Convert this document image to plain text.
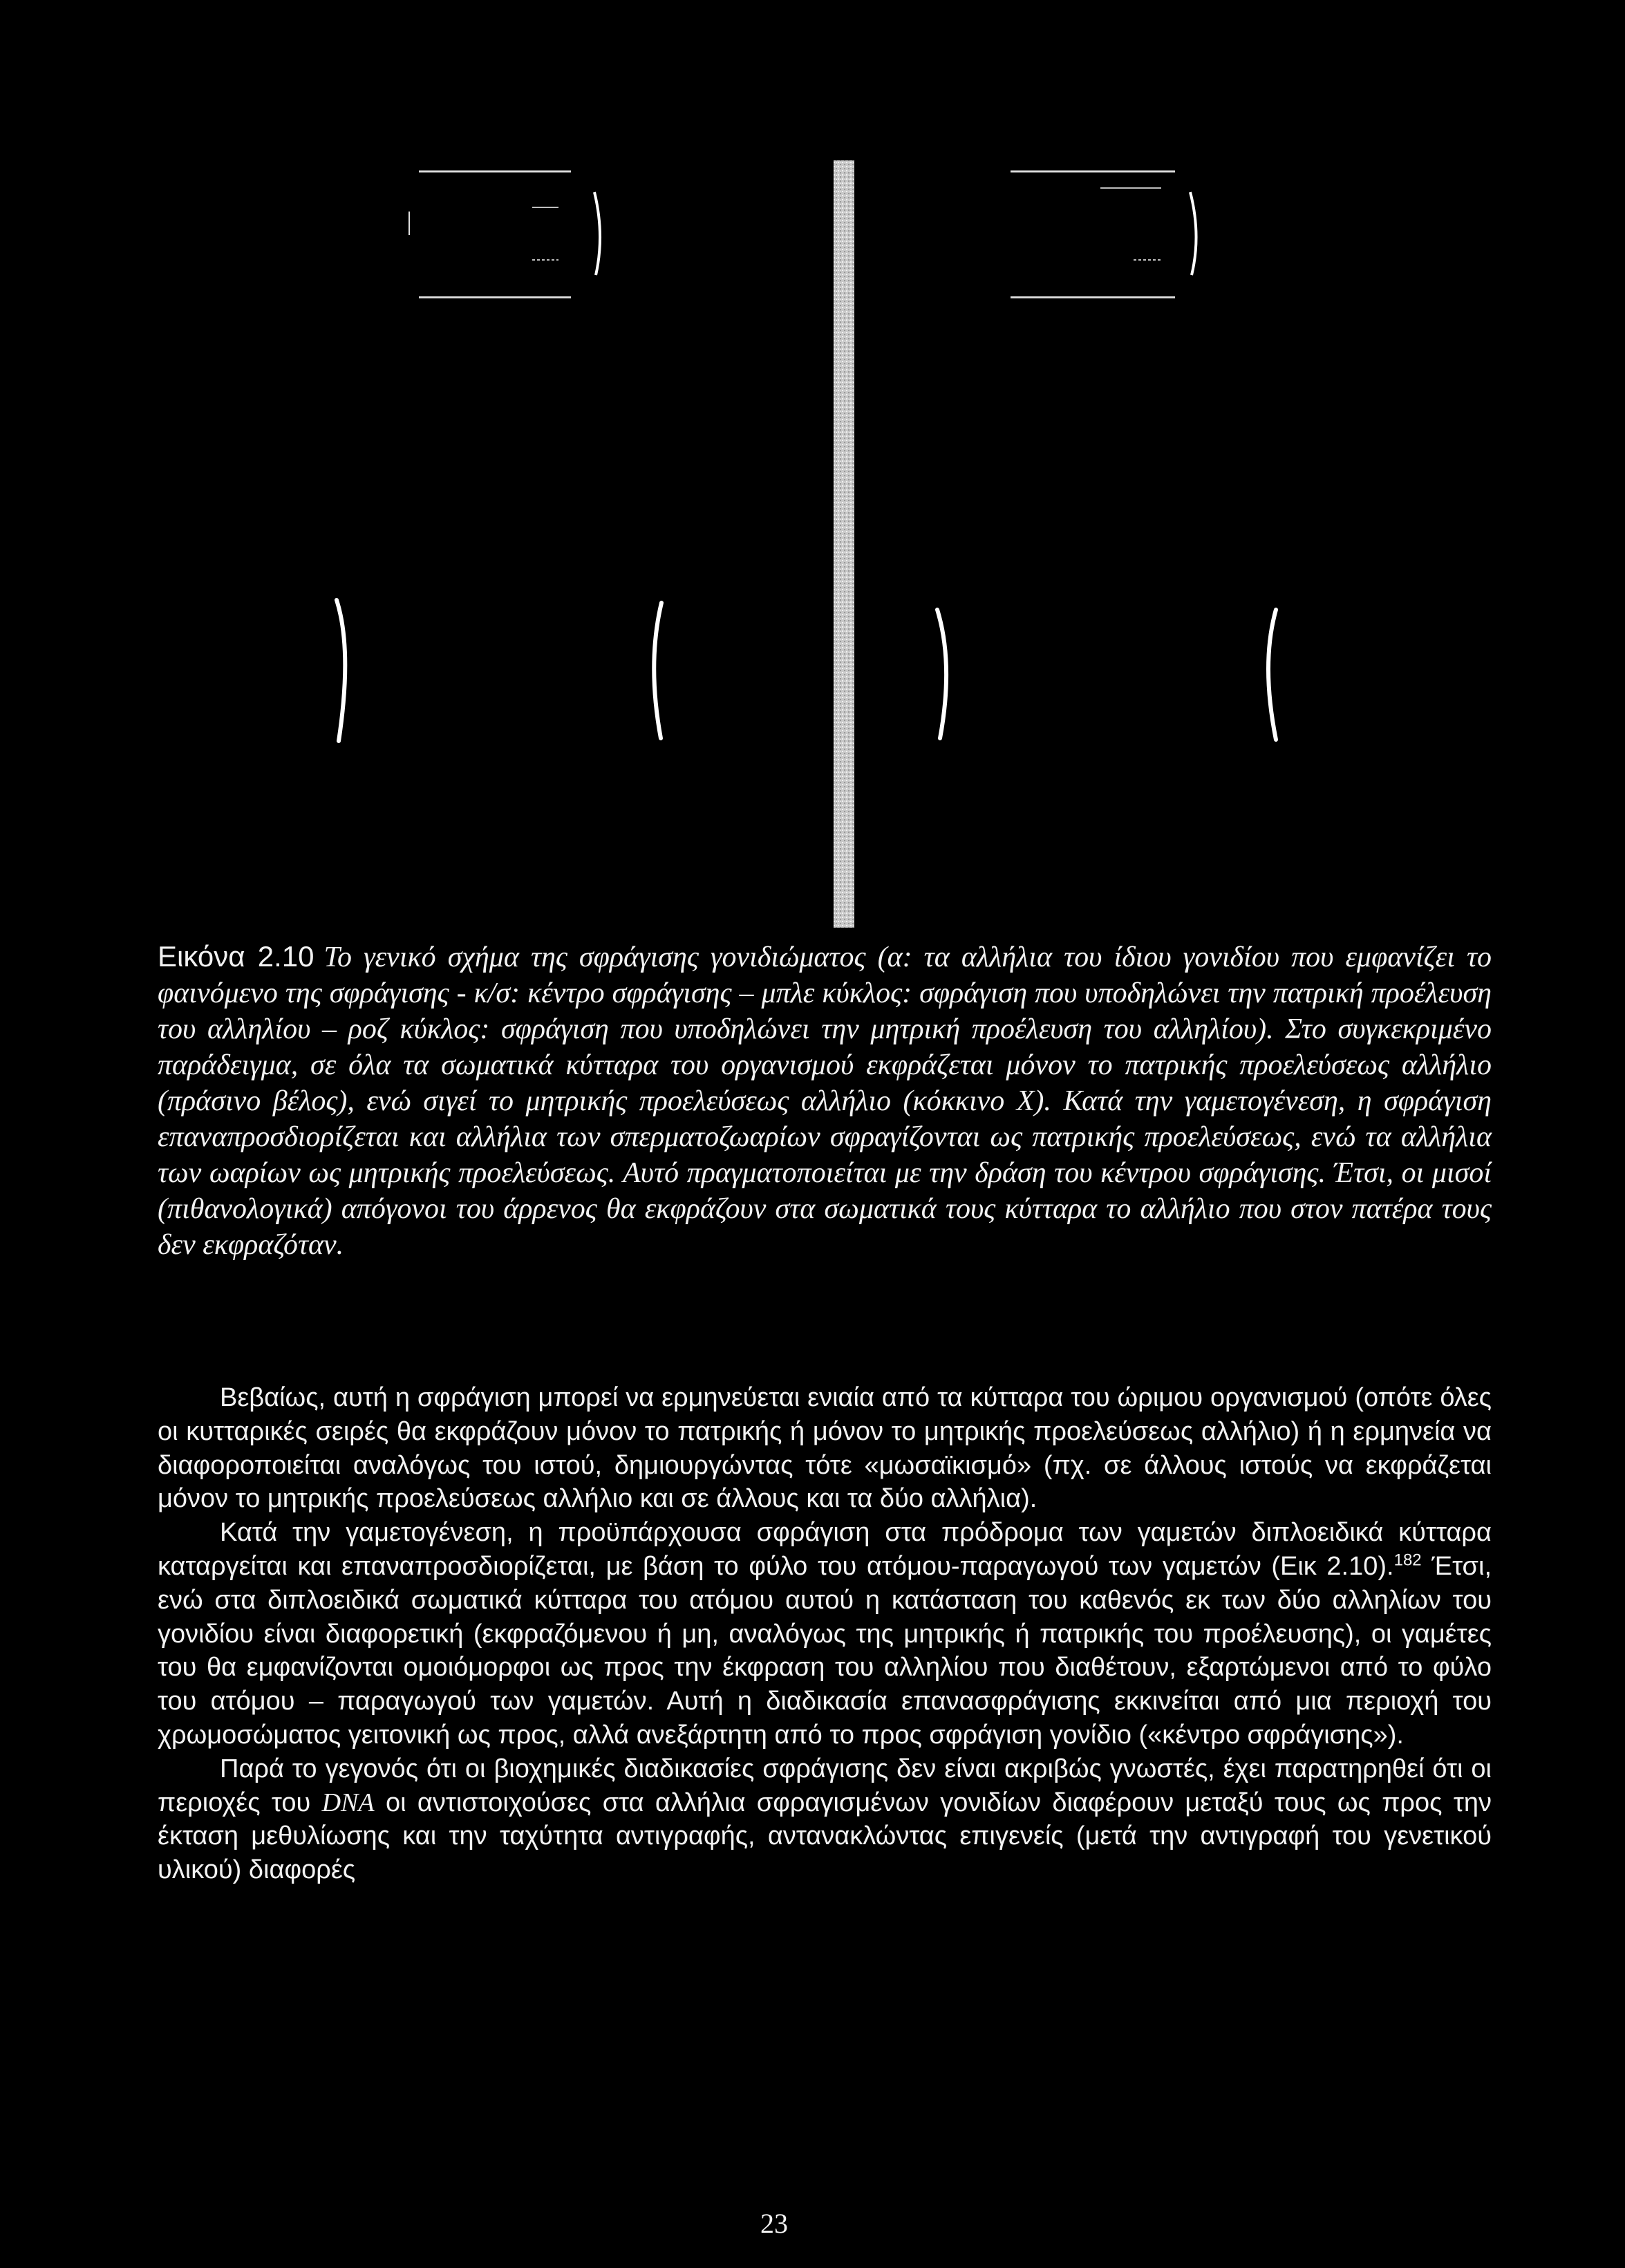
Εικόνα 2.10 Το γενικό σχήμα της σφράγισης γονιδιώματος (α: τα αλλήλια του ίδιου γονιδίου που εμφανίζει το φαινόμενο της σφράγισης - κ/σ: κέντρο σφράγισης – μπλε κύκλος: σφράγιση που υποδηλώνει την πατρική προέλευση του αλληλίου – ροζ κύκλος: σφράγιση που υποδηλώνει την μητρική προέλευση του αλληλίου). Στο συγκεκριμένο παράδειγμα, σε όλα τα σωματικά κύτταρα του οργανισμού εκφράζεται μόνον το πατρικής προελεύσεως αλλήλιο (πράσινο βέλος), ενώ σιγεί το μητρικής προελεύσεως αλλήλιο (κόκκινο Χ). Κατά την γαμετογένεση, η σφράγιση επαναπροσδιορίζεται και αλλήλια των σπερματοζωαρίων σφραγίζονται ως πατρικής προελεύσεως, ενώ τα αλλήλια των ωαρίων ως μητρικής προελεύσεως. Αυτό πραγματοποιείται με την δράση του κέντρου σφράγισης. Έτσι, οι μισοί (πιθανολογικά) απόγονοι του άρρενος θα εκφράζουν στα σωματικά τους κύτταρα το αλλήλιο που στον πατέρα τους δεν εκφραζόταν.

Βεβαίως, αυτή η σφράγιση μπορεί να ερμηνεύεται ενιαία από τα κύτταρα του ώριμου οργανισμού (οπότε όλες οι κυτταρικές σειρές θα εκφράζουν μόνον το πατρικής ή μόνον το μητρικής προελεύσεως αλλήλιο) ή η ερμηνεία να διαφοροποιείται αναλόγως του ιστού, δημιουργώντας τότε «μωσαϊκισμό» (πχ. σε άλλους ιστούς να εκφράζεται μόνον το μητρικής προελεύσεως αλλήλιο και σε άλλους και τα δύο αλλήλια).

Κατά την γαμετογένεση, η προϋπάρχουσα σφράγιση στα πρόδρομα των γαμετών διπλοειδικά κύτταρα καταργείται και επαναπροσδιορίζεται, με βάση το φύλο του ατόμου-παραγωγού των γαμετών (Εικ 2.10).$^{182}$ Έτσι, ενώ στα διπλοειδικά σωματικά κύτταρα του ατόμου αυτού η κατάσταση του καθενός εκ των δύο αλληλίων του γονιδίου είναι διαφορετική (εκφραζόμενου ή μη, αναλόγως της μητρικής ή πατρικής του προέλευσης), οι γαμέτες του θα εμφανίζονται ομοιόμορφοι ως προς την έκφραση του αλληλίου που διαθέτουν, εξαρτώμενοι από το φύλο του ατόμου – παραγωγού των γαμετών. Αυτή η διαδικασία επανασφράγισης εκκινείται από μια περιοχή του χρωμοσώματος γειτονική ως προς, αλλά ανεξάρτητη από το προς σφράγιση γονίδιο («κέντρο σφράγισης»).

Παρά το γεγονός ότι οι βιοχημικές διαδικασίες σφράγισης δεν είναι ακριβώς γνωστές, έχει παρατηρηθεί ότι οι περιοχές του DNA οι αντιστοιχούσες στα αλλήλια σφραγισμένων γονιδίων διαφέρουν μεταξύ τους ως προς την έκταση μεθυλίωσης και την ταχύτητα αντιγραφής, αντανακλώντας επιγενείς (μετά την αντιγραφή του γενετικού υλικού) διαφορές

23
